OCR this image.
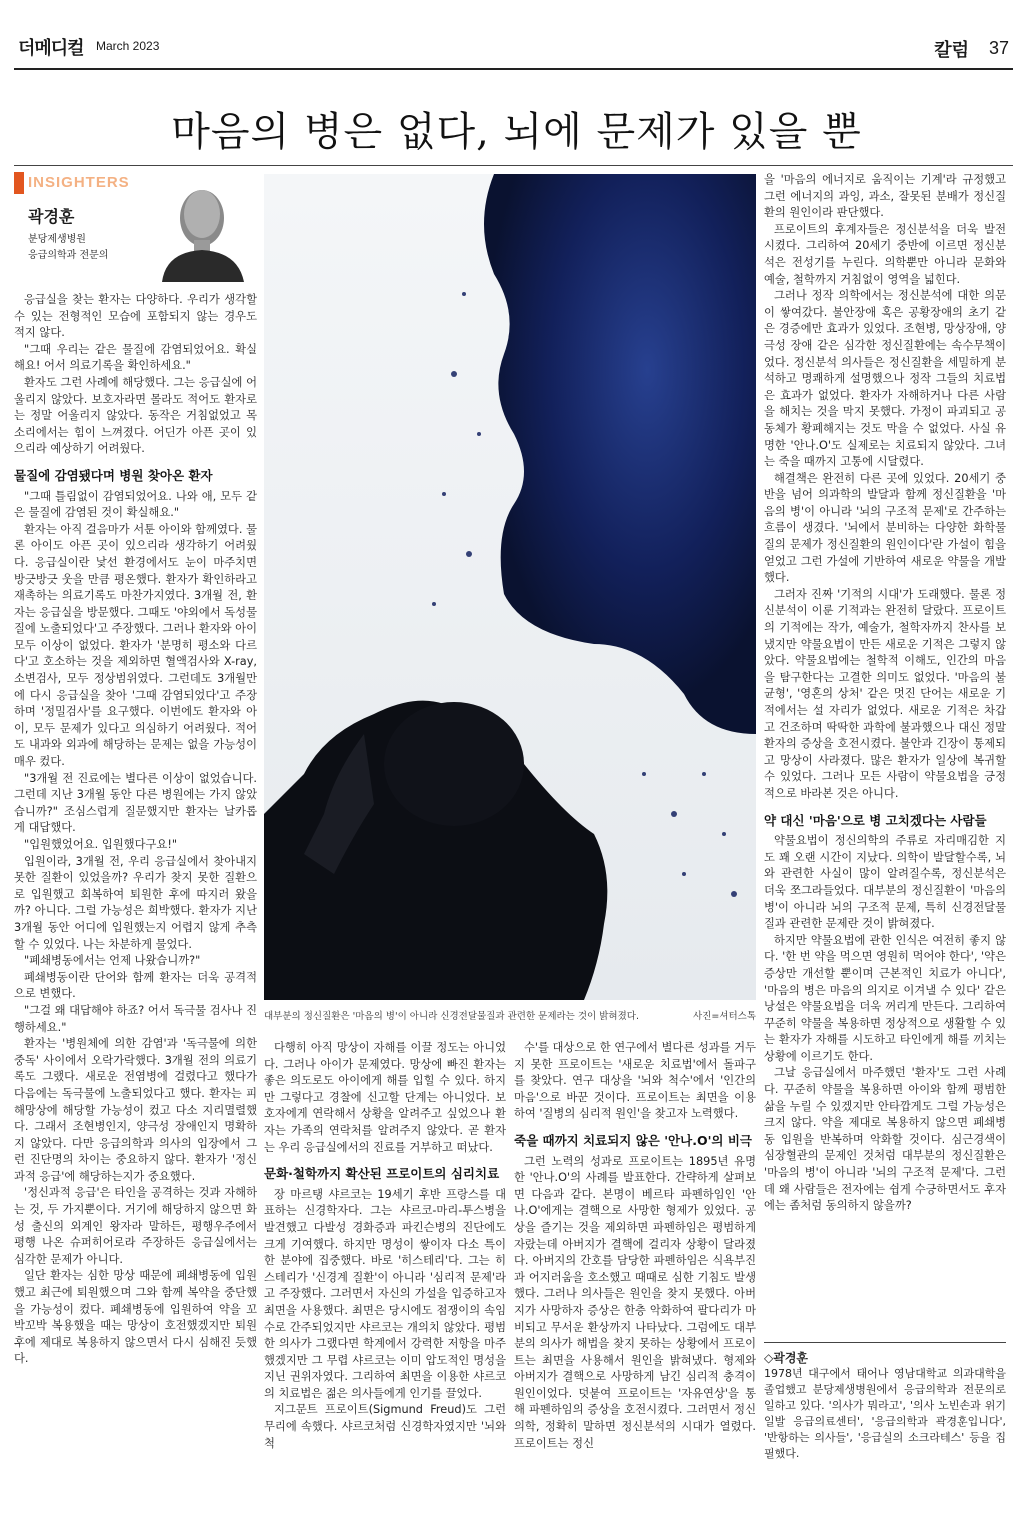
더메디컬 March 2023	칼럼 37
마음의 병은 없다, 뇌에 문제가 있을 뿐
INSIGHTERS
곽경훈
분당제생병원
응급의학과 전문의

응급실을 찾는 환자는 다양하다. 우리가 생각할 수 있는 전형적인 모습에 포함되지 않는 경우도 적지 않다.

"그때 우리는 같은 물질에 감염되었어요. 확실해요! 어서 의료기록을 확인하세요."

환자도 그런 사례에 해당했다. 그는 응급실에 어울리지 않았다. 보호자라면 몰라도 적어도 환자로는 정말 어울리지 않았다. 동작은 거침없었고 목소리에서는 힘이 느껴졌다. 어딘가 아픈 곳이 있으리라 예상하기 어려웠다.

물질에 감염됐다며 병원 찾아온 환자

"그때 틀림없이 감염되었어요. 나와 애, 모두 같은 물질에 감염된 것이 확실해요."

환자는 아직 걸음마가 서툰 아이와 함께였다. 물론 아이도 아픈 곳이 있으리라 생각하기 어려웠다. 응급실이란 낯선 환경에서도 눈이 마주치면 방긋방긋 웃을 만큼 평온했다. 환자가 확인하라고 재촉하는 의료기록도 마찬가지였다. 3개월 전, 환자는 응급실을 방문했다. 그때도 '야외에서 독성물질에 노출되었다'고 주장했다. 그러나 환자와 아이 모두 이상이 없었다. 환자가 '분명히 평소와 다르다'고 호소하는 것을 제외하면 혈액검사와 X-ray, 소변검사, 모두 정상범위였다. 그런데도 3개월만에 다시 응급실을 찾아 '그때 감염되었다'고 주장하며 '정밀검사'를 요구했다. 이번에도 환자와 아이, 모두 문제가 있다고 의심하기 어려웠다. 적어도 내과와 외과에 해당하는 문제는 없을 가능성이 매우 컸다.

"3개월 전 진료에는 별다른 이상이 없었습니다. 그런데 지난 3개월 동안 다른 병원에는 가지 않았습니까?" 조심스럽게 질문했지만 환자는 날카롭게 대답했다.

"입원했었어요. 입원했다구요!"

입원이라, 3개월 전, 우리 응급실에서 찾아내지 못한 질환이 있었을까? 우리가 찾지 못한 질환으로 입원했고 회복하여 퇴원한 후에 따지러 왔을까? 아니다. 그럴 가능성은 희박했다. 환자가 지난 3개월 동안 어디에 입원했는지 어렵지 않게 추측할 수 있었다. 나는 차분하게 물었다.

"폐쇄병동에서는 언제 나왔습니까?"

폐쇄병동이란 단어와 함께 환자는 더욱 공격적으로 변했다.

"그걸 왜 대답해야 하죠? 어서 독극물 검사나 진행하세요."

환자는 '병원체에 의한 감염'과 '독극물에 의한 중독' 사이에서 오락가락했다. 3개월 전의 의료기록도 그랬다. 새로운 전염병에 걸렸다고 했다가 다음에는 독극물에 노출되었다고 했다. 환자는 피해망상에 해당할 가능성이 컸고 다소 지리멸렬했다. 그래서 조현병인지, 양극성 장애인지 명확하지 않았다. 다만 응급의학과 의사의 입장에서 그런 진단명의 차이는 중요하지 않다. 환자가 '정신과적 응급'에 해당하는지가 중요했다.

'정신과적 응급'은 타인을 공격하는 것과 자해하는 것, 두 가지뿐이다. 거기에 해당하지 않으면 화성 출신의 외계인 왕자라 말하든, 평행우주에서 평행 나온 슈퍼히어로라 주장하든 응급실에서는 심각한 문제가 아니다.

일단 환자는 심한 망상 때문에 폐쇄병동에 입원했고 최근에 퇴원했으며 그와 함께 복약을 중단했을 가능성이 컸다. 폐쇄병동에 입원하여 약을 꼬박꼬박 복용했을 때는 망상이 호전했겠지만 퇴원 후에 제대로 복용하지 않으면서 다시 심해진 듯했다.

대부분의 정신질환은 '마음의 병'이 아니라 신경전달물질과 관련한 문제라는 것이 밝혀졌다.	사진=셔터스톡

다행히 아직 망상이 자해를 이끌 정도는 아니었다. 그러나 아이가 문제였다. 망상에 빠진 환자는 좋은 의도로도 아이에게 해를 입힐 수 있다. 하지만 그렇다고 경찰에 신고할 단계는 아니었다. 보호자에게 연락해서 상황을 알려주고 싶었으나 환자는 가족의 연락처를 알려주지 않았다. 곧 환자는 우리 응급실에서의 진료를 거부하고 떠났다.

문화·철학까지 확산된 프로이트의 심리치료

장 마르탱 샤르코는 19세기 후반 프랑스를 대표하는 신경학자다. 그는 샤르코-마리-투스병을 발견했고 다발성 경화증과 파킨슨병의 진단에도 크게 기여했다. 하지만 명성이 쌓이자 다소 특이한 분야에 집중했다. 바로 '히스테리'다. 그는 히스테리가 '신경계 질환'이 아니라 '심리적 문제'라고 주장했다. 그러면서 자신의 가설을 입증하고자 최면을 사용했다. 최면은 당시에도 점쟁이의 속임수로 간주되었지만 샤르코는 개의치 않았다. 평범한 의사가 그랬다면 학계에서 강력한 저항을 마주했겠지만 그 무렵 샤르코는 이미 압도적인 명성을 지닌 권위자였다. 그리하여 최면을 이용한 샤르코의 치료법은 젊은 의사들에게 인기를 끌었다.

지그문트 프로이트(Sigmund Freud)도 그런 무리에 속했다. 샤르코처럼 신경학자였지만 '뇌와 척

수'를 대상으로 한 연구에서 별다른 성과를 거두지 못한 프로이트는 '새로운 치료법'에서 돌파구를 찾았다. 연구 대상을 '뇌와 척수'에서 '인간의 마음'으로 바꾼 것이다. 프로이트는 최면을 이용하여 '질병의 심리적 원인'을 찾고자 노력했다.

죽을 때까지 치료되지 않은 '안나.O'의 비극

그런 노력의 성과로 프로이트는 1895년 유명한 '안나.O'의 사례를 발표한다. 간략하게 살펴보면 다음과 같다. 본명이 베르타 파펜하임인 '안나.O'에게는 결핵으로 사망한 형제가 있었다. 공상을 즐기는 것을 제외하면 파펜하임은 평범하게 자랐는데 아버지가 결핵에 걸리자 상황이 달라졌다. 아버지의 간호를 담당한 파펜하임은 식욕부진과 어지러움을 호소했고 때때로 심한 기침도 발생했다. 그러나 의사들은 원인을 찾지 못했다. 아버지가 사망하자 증상은 한층 악화하여 팔다리가 마비되고 무서운 환상까지 나타났다. 그럼에도 대부분의 의사가 해법을 찾지 못하는 상황에서 프로이트는 최면을 사용해서 원인을 밝혀냈다. 형제와 아버지가 결핵으로 사망하게 남긴 심리적 충격이 원인이었다. 덧붙여 프로이트는 '자유연상'을 통해 파펜하임의 증상을 호전시켰다. 그러면서 정신의학, 정확히 말하면 정신분석의 시대가 열렸다. 프로이트는 정신

을 '마음의 에너지로 움직이는 기계'라 규정했고 그런 에너지의 과잉, 과소, 잘못된 분배가 정신질환의 원인이라 판단했다.

프로이트의 후계자들은 정신분석을 더욱 발전시켰다. 그리하여 20세기 중반에 이르면 정신분석은 전성기를 누린다. 의학뿐만 아니라 문화와 예술, 철학까지 거침없이 영역을 넓힌다.

그러나 정작 의학에서는 정신분석에 대한 의문이 쌓여갔다. 불안장애 혹은 공황장애의 초기 같은 경증에만 효과가 있었다. 조현병, 망상장애, 양극성 장애 같은 심각한 정신질환에는 속수무책이었다. 정신분석 의사들은 정신질환을 세밀하게 분석하고 명쾌하게 설명했으나 정작 그들의 치료법은 효과가 없었다. 환자가 자해하거나 다른 사람을 해치는 것을 막지 못했다. 가정이 파괴되고 공동체가 황폐해지는 것도 막을 수 없었다. 사실 유명한 '안나.O'도 실제로는 치료되지 않았다. 그녀는 죽을 때까지 고통에 시달렸다.

해결책은 완전히 다른 곳에 있었다. 20세기 중반을 넘어 의과학의 발달과 함께 정신질환을 '마음의 병'이 아니라 '뇌의 구조적 문제'로 간주하는 흐름이 생겼다. '뇌에서 분비하는 다양한 화학물질의 문제가 정신질환의 원인이다'란 가설이 힘을 얻었고 그런 가설에 기반하여 새로운 약물을 개발했다.

그러자 진짜 '기적의 시대'가 도래했다. 물론 정신분석이 이룬 기적과는 완전히 달랐다. 프로이트의 기적에는 작가, 예술가, 철학자까지 찬사를 보냈지만 약물요법이 만든 새로운 기적은 그렇지 않았다. 약물요법에는 철학적 이해도, 인간의 마음을 탐구한다는 고결한 의미도 없었다. '마음의 불균형', '영혼의 상처' 같은 멋진 단어는 새로운 기적에서는 설 자리가 없었다. 새로운 기적은 차갑고 건조하며 딱딱한 과학에 불과했으나 대신 정말 환자의 증상을 호전시켰다. 불안과 긴장이 통제되고 망상이 사라졌다. 많은 환자가 일상에 복귀할 수 있었다. 그러나 모든 사람이 약물요법을 긍정적으로 바라본 것은 아니다.

약 대신 '마음'으로 병 고치겠다는 사람들

약물요법이 정신의학의 주류로 자리매김한 지도 꽤 오랜 시간이 지났다. 의학이 발달할수록, 뇌와 관련한 사실이 많이 알려질수록, 정신분석은 더욱 쪼그라들었다. 대부분의 정신질환이 '마음의 병'이 아니라 뇌의 구조적 문제, 특히 신경전달물질과 관련한 문제란 것이 밝혀졌다.

하지만 약물요법에 관한 인식은 여전히 좋지 않다. '한 번 약을 먹으면 영원히 먹어야 한다', '약은 증상만 개선할 뿐이며 근본적인 치료가 아니다', '마음의 병은 마음의 의지로 이겨낼 수 있다' 같은 낭설은 약물요법을 더욱 꺼리게 만든다. 그리하여 꾸준히 약물을 복용하면 정상적으로 생활할 수 있는 환자가 자해를 시도하고 타인에게 해를 끼치는 상황에 이르기도 한다.

그날 응급실에서 마주했던 '환자'도 그런 사례다. 꾸준히 약물을 복용하면 아이와 함께 평범한 삶을 누릴 수 있겠지만 안타깝게도 그럴 가능성은 크지 않다. 약을 제대로 복용하지 않으면 폐쇄병동 입원을 반복하며 악화할 것이다. 심근경색이 심장혈관의 문제인 것처럼 대부분의 정신질환은 '마음의 병'이 아니라 '뇌의 구조적 문제'다. 그런데 왜 사람들은 전자에는 쉽게 수긍하면서도 후자에는 좀처럼 동의하지 않을까?

◇곽경훈
1978년 대구에서 태어나 영남대학교 의과대학을 졸업했고 분당제생병원에서 응급의학과 전문의로 일하고 있다. '의사가 뭐라고', '의사 노빈손과 위기일발 응급의료센터', '응급의학과 곽경훈입니다', '반항하는 의사들', '응급실의 소크라테스' 등을 집필했다.
